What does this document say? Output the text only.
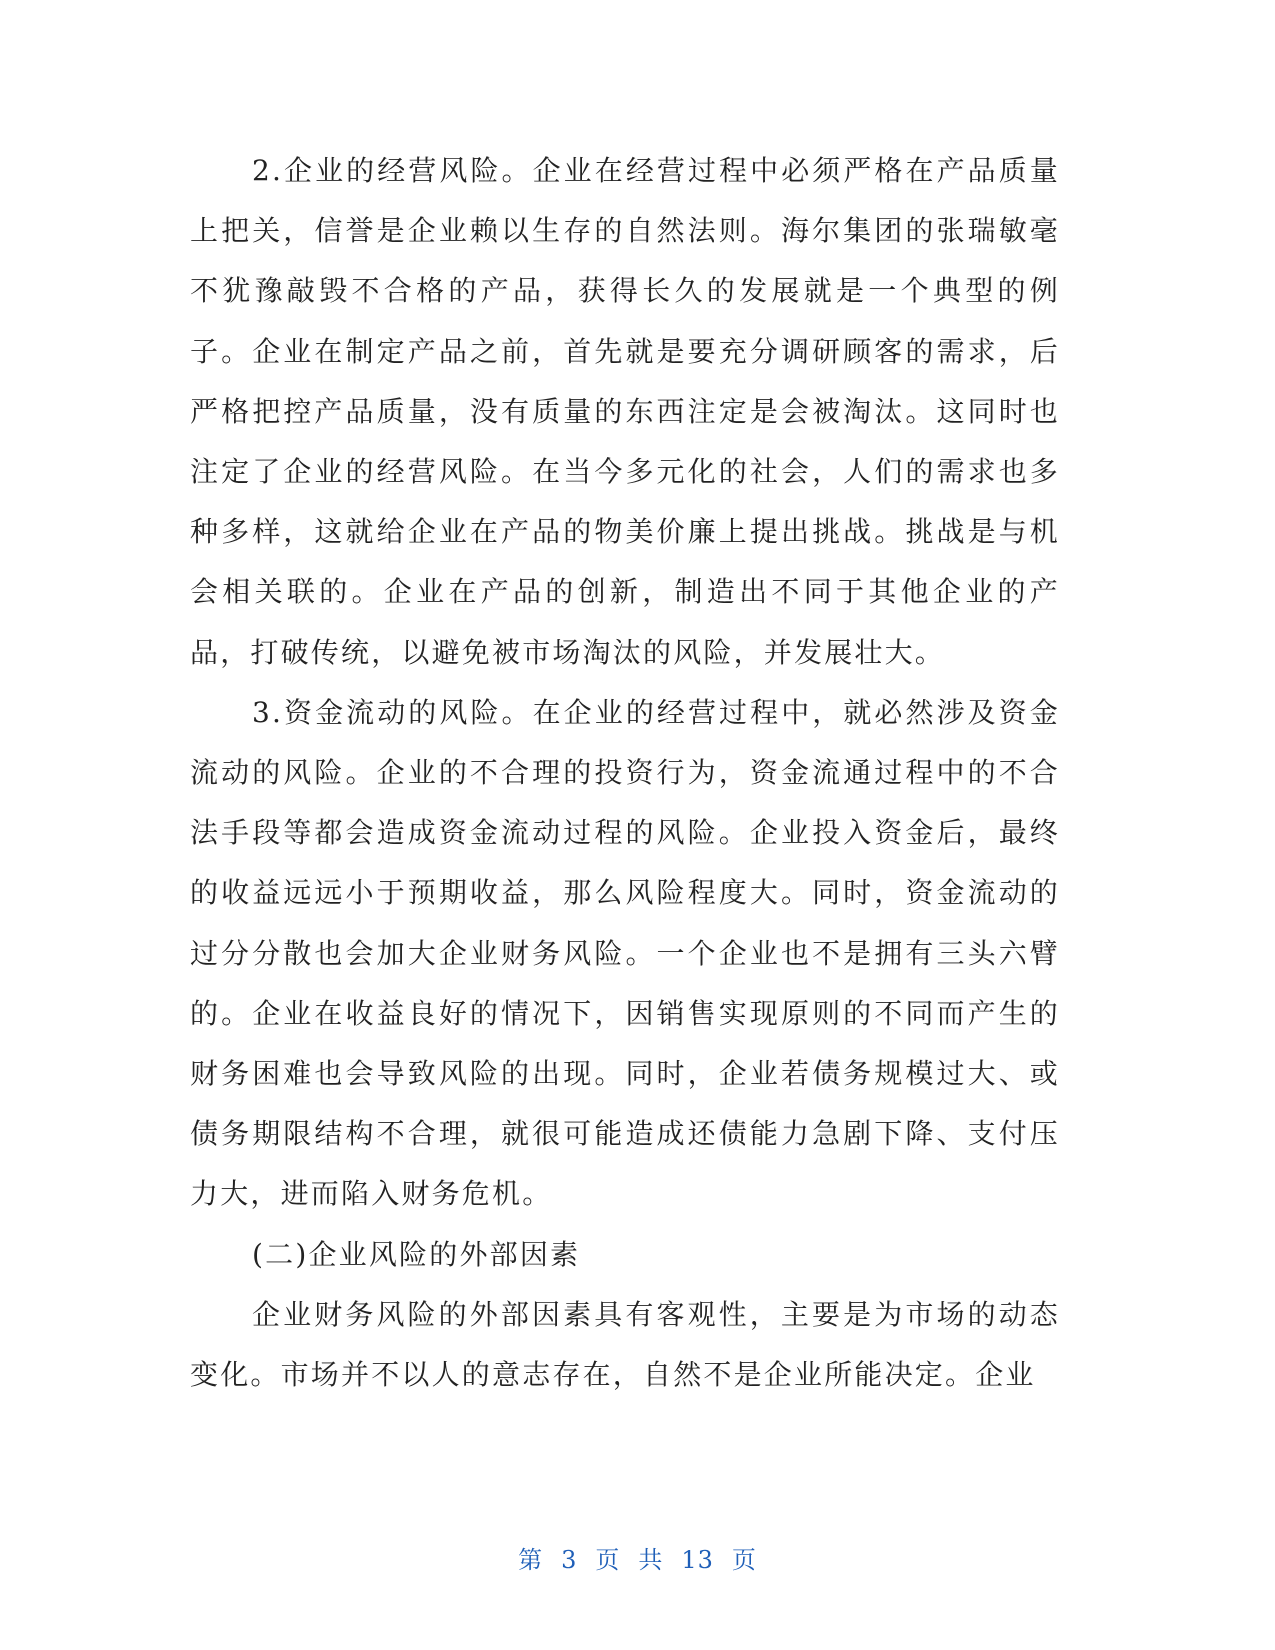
2.企业的经营风险。企业在经营过程中必须严格在产品质量上把关，信誉是企业赖以生存的自然法则。海尔集团的张瑞敏毫不犹豫敲毁不合格的产品，获得长久的发展就是一个典型的例子。企业在制定产品之前，首先就是要充分调研顾客的需求，后严格把控产品质量，没有质量的东西注定是会被淘汰。这同时也注定了企业的经营风险。在当今多元化的社会，人们的需求也多种多样，这就给企业在产品的物美价廉上提出挑战。挑战是与机会相关联的。企业在产品的创新，制造出不同于其他企业的产品，打破传统，以避免被市场淘汰的风险，并发展壮大。

3.资金流动的风险。在企业的经营过程中，就必然涉及资金流动的风险。企业的不合理的投资行为，资金流通过程中的不合法手段等都会造成资金流动过程的风险。企业投入资金后，最终的收益远远小于预期收益，那么风险程度大。同时，资金流动的过分分散也会加大企业财务风险。一个企业也不是拥有三头六臂的。企业在收益良好的情况下，因销售实现原则的不同而产生的财务困难也会导致风险的出现。同时，企业若债务规模过大、或债务期限结构不合理，就很可能造成还债能力急剧下降、支付压力大，进而陷入财务危机。

(二)企业风险的外部因素

企业财务风险的外部因素具有客观性，主要是为市场的动态变化。市场并不以人的意志存在，自然不是企业所能决定。企业

第 3 页 共 13 页
